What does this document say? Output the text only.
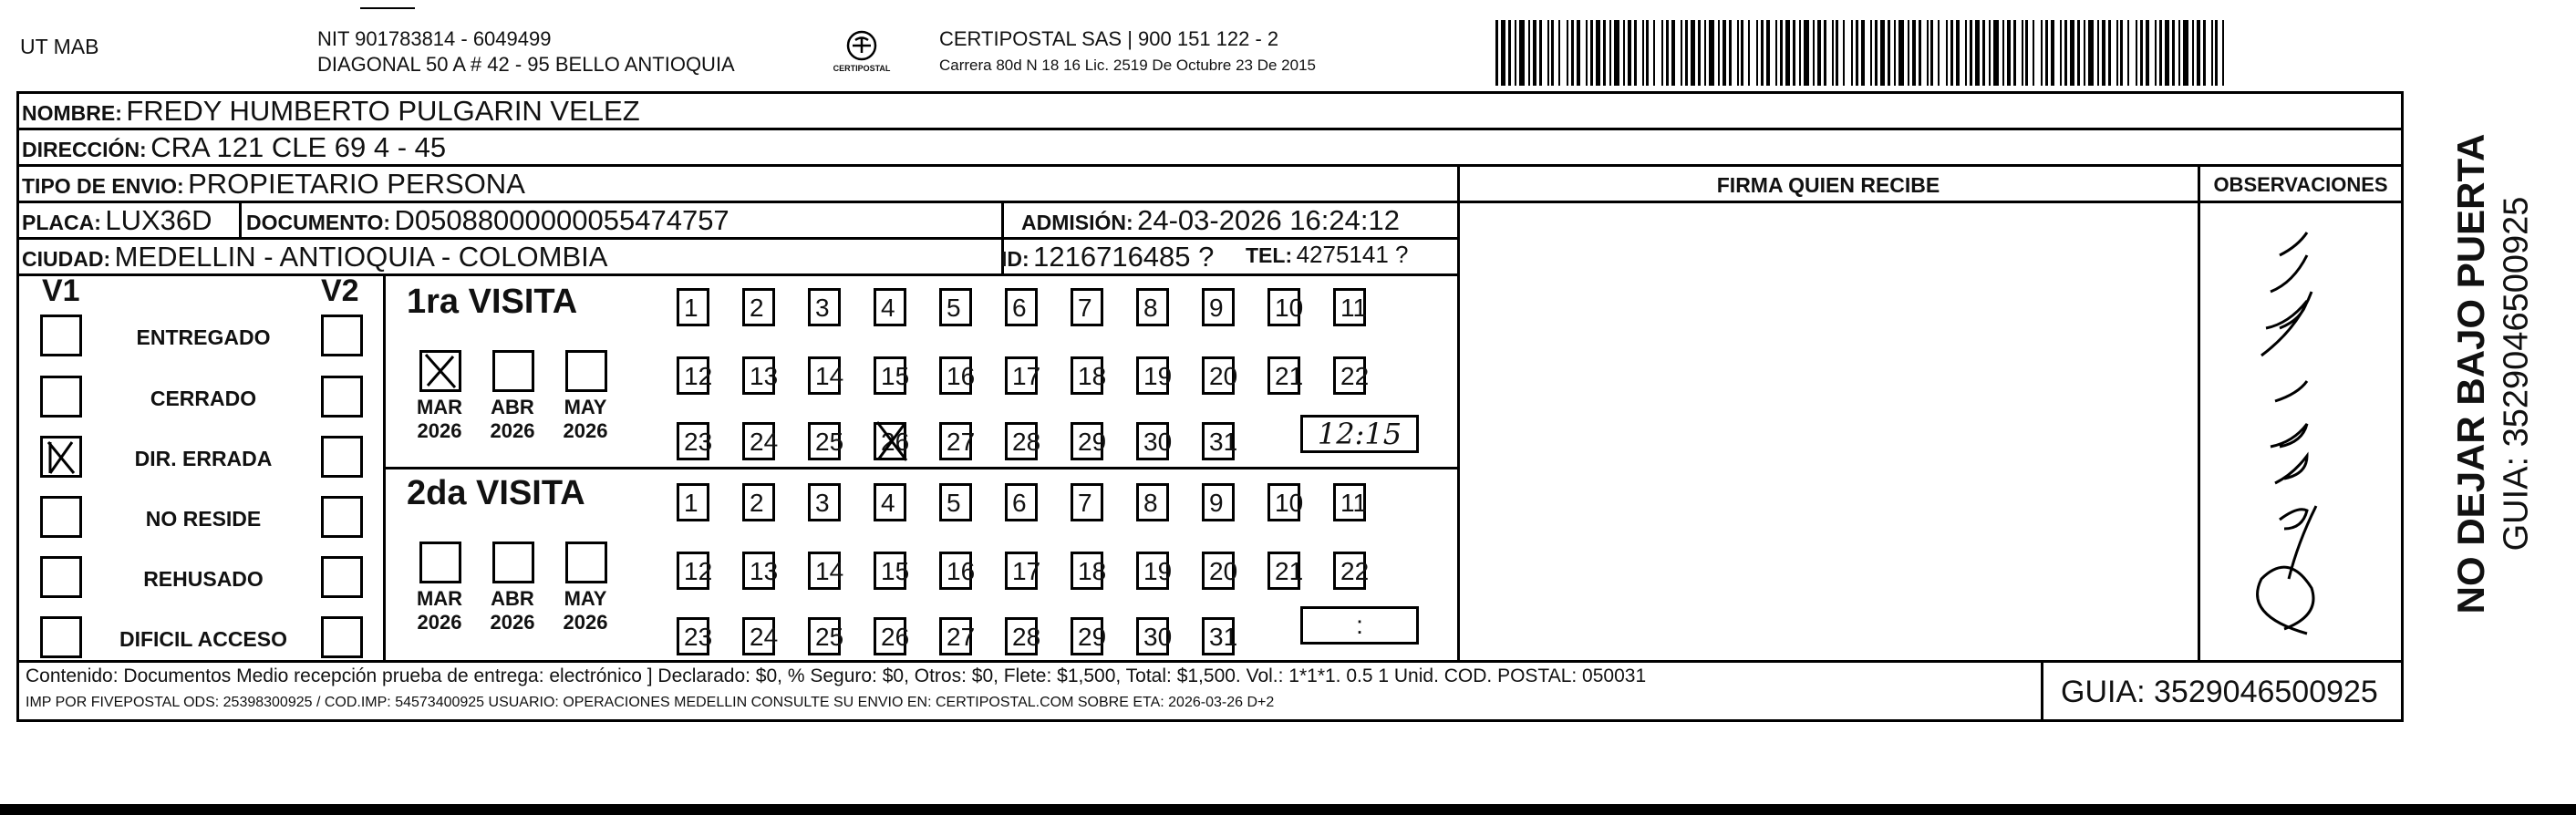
UT MAB	NIT 901783814 - 6049499
DIAGONAL 50 A # 42 - 95 BELLO ANTIOQUIA	CERTIPOSTAL
CERTIPOSTAL SAS | 900 151 122 - 2
Carrera 80d N 18 16 Lic. 2519 De Octubre 23 De 2015
NOMBRE: FREDY HUMBERTO PULGARIN VELEZ
DIRECCIÓN: CRA 121 CLE 69 4 - 45
TIPO DE ENVIO: PROPIETARIO PERSONA	FIRMA QUIEN RECIBE	OBSERVACIONES
PLACA: LUX36D DOCUMENTO: D05088000000055474757	ADMISIÓN: 24-03-2026 16:24:12
CIUDAD: MEDELLIN - ANTIOQUIA - COLOMBIA	ID: 1216716485 ? TEL: 4275141 ?
V1	V2
ENTREGADO
CERRADO
DIR. ERRADA
NO RESIDE
REHUSADO
DIFICIL ACCESO
1ra VISITA
2da VISITA
MAR
2026
ABR
2026
MAY
2026
MAR
2026
ABR
2026
MAY
2026
1	2	3	4	5	6	7	8	9	10 11
12 13 14 15 16 17 18 19 20 21 22
23 24 25 26 27 28 29 30 31
1	2	3	4	5	6	7	8	9	10 11
12 13 14 15 16 17 18 19 20 21 22
23 24 25 26 27 28 29 30 31
12:15
:
Contenido: Documentos Medio recepción prueba de entrega: electrónico ] Declarado: $0, % Seguro: $0, Otros: $0, Flete: $1,500, Total: $1,500. Vol.: 1*1*1. 0.5 1 Unid. COD. POSTAL: 050031
IMP POR FIVEPOSTAL ODS: 25398300925 / COD.IMP: 54573400925 USUARIO: OPERACIONES MEDELLIN CONSULTE SU ENVIO EN: CERTIPOSTAL.COM SOBRE ETA: 2026-03-26 D+2	GUIA: 3529046500925
NO DEJAR BAJO PUERTA GUIA: 3529046500925
